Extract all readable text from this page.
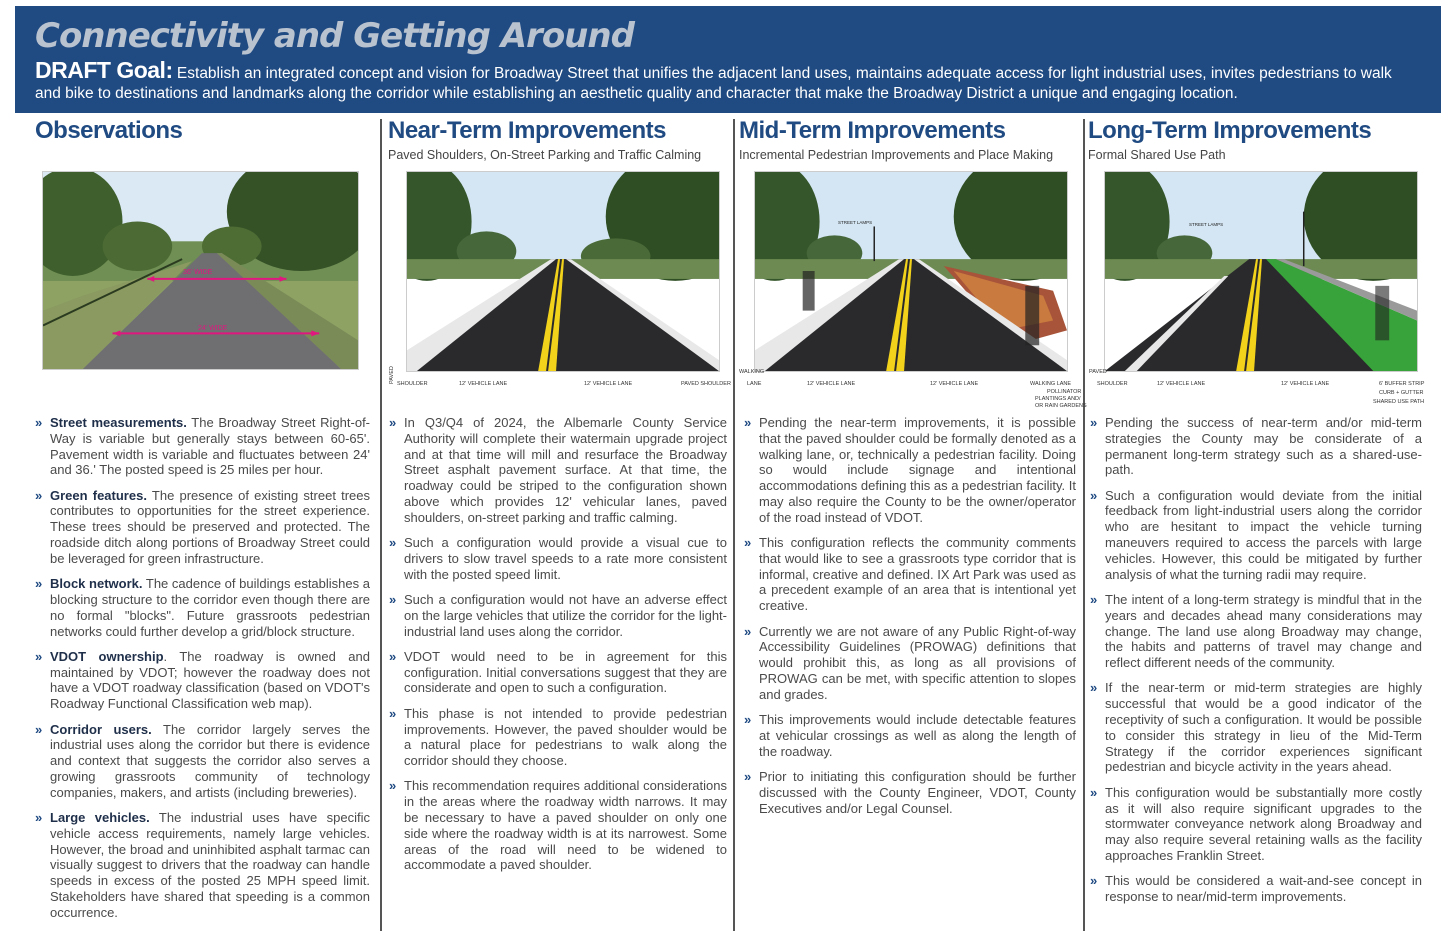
Connectivity and Getting Around
DRAFT Goal: Establish an integrated concept and vision for Broadway Street that unifies the adjacent land uses, maintains adequate access for light industrial uses, invites pedestrians to walk and bike to destinations and landmarks along the corridor while establishing an aesthetic quality and character that make the Broadway District a unique and engaging location.
Observations
36' WIDE
24' WIDE
» Street measurements. The Broadway Street Right-of-Way is variable but generally stays between 60-65'. Pavement width is variable and fluctuates between 24' and 36.' The posted speed is 25 miles per hour.
» Green features. The presence of existing street trees contributes to opportunities for the street experience. These trees should be preserved and protected. The roadside ditch along portions of Broadway Street could be leveraged for green infrastructure.
» Block network. The cadence of buildings establishes a blocking structure to the corridor even though there are no formal "blocks". Future grassroots pedestrian networks could further develop a grid/block structure.
» VDOT ownership. The roadway is owned and maintained by VDOT; however the roadway does not have a VDOT roadway classification (based on VDOT's Roadway Functional Classification web map).
» Corridor users. The corridor largely serves the industrial uses along the corridor but there is evidence and context that suggests the corridor also serves a growing grassroots community of technology companies, makers, and artists (including breweries).
» Large vehicles. The industrial uses have specific vehicle access requirements, namely large vehicles. However, the broad and uninhibited asphalt tarmac can visually suggest to drivers that the roadway can handle speeds in excess of the posted 25 MPH speed limit. Stakeholders have shared that speeding is a common occurrence.
Near-Term Improvements
Paved Shoulders, On-Street Parking and Traffic Calming
PAVED SHOULDER	12' VEHICLE LANE	12' VEHICLE LANE	PAVED SHOULDER
» In Q3/Q4 of 2024, the Albemarle County Service Authority will complete their watermain upgrade project and at that time will mill and resurface the Broadway Street asphalt pavement surface. At that time, the roadway could be striped to the configuration shown above which provides 12' vehicular lanes, paved shoulders, on-street parking and traffic calming.
» Such a configuration would provide a visual cue to drivers to slow travel speeds to a rate more consistent with the posted speed limit.
» Such a configuration would not have an adverse effect on the large vehicles that utilize the corridor for the light-industrial land uses along the corridor.
» VDOT would need to be in agreement for this configuration. Initial conversations suggest that they are considerate and open to such a configuration.
» This phase is not intended to provide pedestrian improvements. However, the paved shoulder would be a natural place for pedestrians to walk along the corridor should they choose.
» This recommendation requires additional considerations in the areas where the roadway width narrows. It may be necessary to have a paved shoulder on only one side where the roadway width is at its narrowest. Some areas of the road will need to be widened to accommodate a paved shoulder.
Mid-Term Improvements
Incremental Pedestrian Improvements and Place Making
STREET LAMPS
WALKING
LANE	12' VEHICLE LANE	12' VEHICLE LANE	WALKING LANE
POLLINATOR
PLANTINGS AND/
OR RAIN GARDENS
» Pending the near-term improvements, it is possible that the paved shoulder could be formally denoted as a walking lane, or, technically a pedestrian facility. Doing so would include signage and intentional accommodations defining this as a pedestrian facility. It may also require the County to be the owner/operator of the road instead of VDOT.
» This configuration reflects the community comments that would like to see a grassroots type corridor that is informal, creative and defined. IX Art Park was used as a precedent example of an area that is intentional yet creative.
» Currently we are not aware of any Public Right-of-way Accessibility Guidelines (PROWAG) definitions that would prohibit this, as long as all provisions of PROWAG can be met, with specific attention to slopes and grades.
» This improvements would include detectable features at vehicular crossings as well as along the length of the roadway.
» Prior to initiating this configuration should be further discussed with the County Engineer, VDOT, County Executives and/or Legal Counsel.
Long-Term Improvements
Formal Shared Use Path
STREET LAMPS
PAVED
SHOULDER	12' VEHICLE LANE	12' VEHICLE LANE	6' BUFFER STRIP
CURB + GUTTER
SHARED USE PATH
» Pending the success of near-term and/or mid-term strategies the County may be considerate of a permanent long-term strategy such as a shared-use-path.
» Such a configuration would deviate from the initial feedback from light-industrial users along the corridor who are hesitant to impact the vehicle turning maneuvers required to access the parcels with large vehicles. However, this could be mitigated by further analysis of what the turning radii may require.
» The intent of a long-term strategy is mindful that in the years and decades ahead many considerations may change. The land use along Broadway may change, the habits and patterns of travel may change and reflect different needs of the community.
» If the near-term or mid-term strategies are highly successful that would be a good indicator of the receptivity of such a configuration. It would be possible to consider this strategy in lieu of the Mid-Term Strategy if the corridor experiences significant pedestrian and bicycle activity in the years ahead.
» This configuration would be substantially more costly as it will also require significant upgrades to the stormwater conveyance network along Broadway and may also require several retaining walls as the facility approaches Franklin Street.
» This would be considered a wait-and-see concept in response to near/mid-term improvements.
